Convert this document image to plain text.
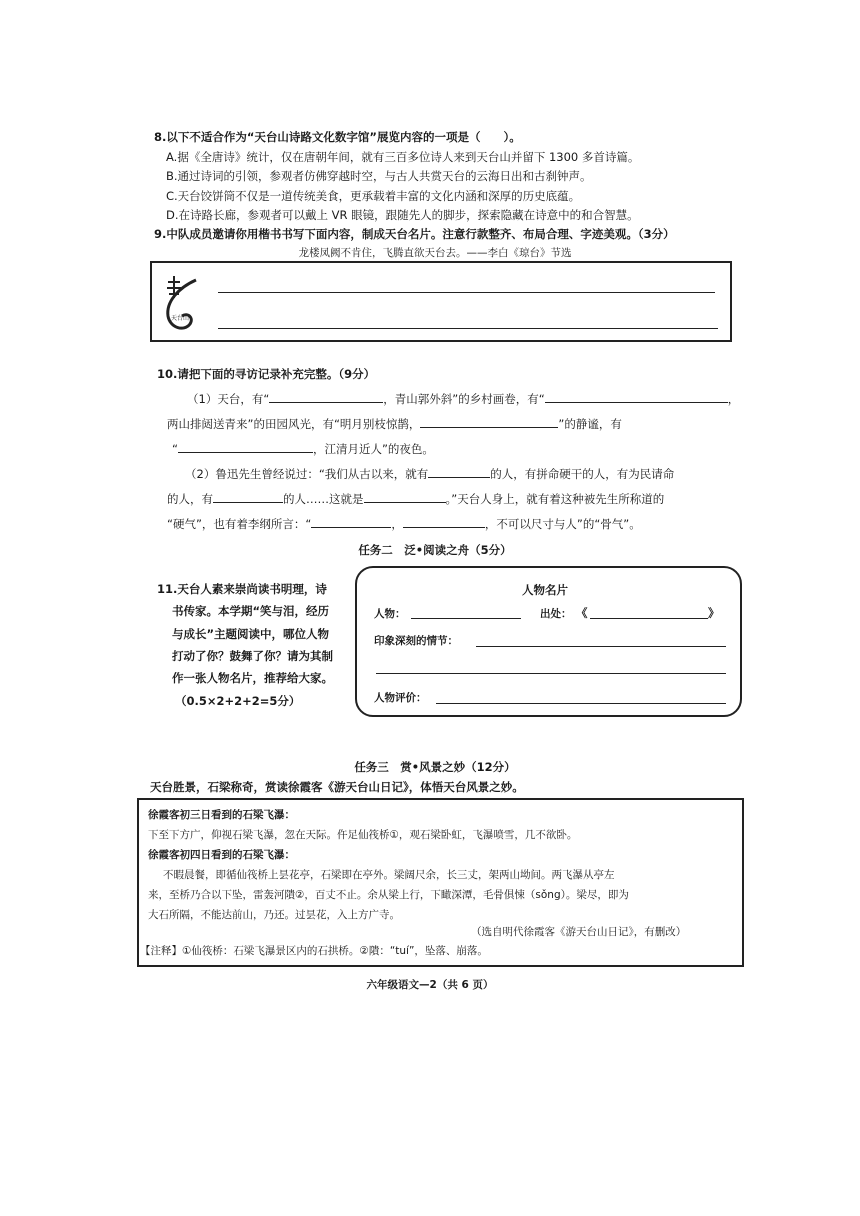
8.以下不适合作为“天台山诗路文化数字馆”展览内容的一项是（　　）。
A.据《全唐诗》统计，仅在唐朝年间，就有三百多位诗人来到天台山并留下 1300 多首诗篇。
B.通过诗词的引领，参观者仿佛穿越时空，与古人共赏天台的云海日出和古刹钟声。
C.天台饺饼筒不仅是一道传统美食，更承载着丰富的文化内涵和深厚的历史底蕴。
D.在诗路长廊，参观者可以戴上 VR 眼镜，跟随先人的脚步，探索隐藏在诗意中的和合智慧。
9.中队成员邀请你用楷书书写下面内容，制成天台名片。注意行款整齐、布局合理、字迹美观。（3分）
龙楼凤阙不肯住，飞腾直欲天台去。——李白《琼台》节选
天台山
10.请把下面的寻访记录补充完整。（9分）
（1）天台，有“	，青山郭外斜”的乡村画卷，有“	，
两山排闼送青来”的田园风光，有“明月别枝惊鹊，	”的静谧，有
“	，江清月近人”的夜色。
（2）鲁迅先生曾经说过：“我们从古以来，就有	的人，有拼命硬干的人，有为民请命
的人，有	的人……这就是	。”天台人身上，就有着这种被先生所称道的
“硬气”，也有着李纲所言：“	，	，不可以尺寸与人”的“骨气”。
任务二　泛•阅读之舟（5分）
11.天台人素来崇尚读书明理，诗
书传家。本学期“笑与泪，经历
与成长”主题阅读中，哪位人物
打动了你？鼓舞了你？请为其制
作一张人物名片，推荐给大家。
（0.5×2+2+2=5分）
人物名片
人物：	出处： 《	》
印象深刻的情节：
人物评价：
任务三　赏•风景之妙（12分）
天台胜景，石梁称奇，赏读徐霞客《游天台山日记》，体悟天台风景之妙。
徐霞客初三日看到的石梁飞瀑：
下至下方广，仰视石梁飞瀑，忽在天际。仵足仙筏桥①，观石梁卧虹，飞瀑喷雪，几不欲卧。
徐霞客初四日看到的石梁飞瀑：
不暇晨餐，即循仙筏桥上昙花亭，石梁即在亭外。梁阔尺余，长三丈，架两山坳间。两飞瀑从亭左
来，至桥乃合以下坠，雷轰河隤②，百丈不止。余从梁上行，下瞰深潭，毛骨俱悚（sǒng）。梁尽，即为
大石所隔，不能达前山，乃还。过昙花，入上方广寺。
（选自明代徐霞客《游天台山日记》，有删改）
【注释】①仙筏桥：石梁飞瀑景区内的石拱桥。②隤：“tuí”，坠落、崩落。
六年级语文—2（共 6 页）
